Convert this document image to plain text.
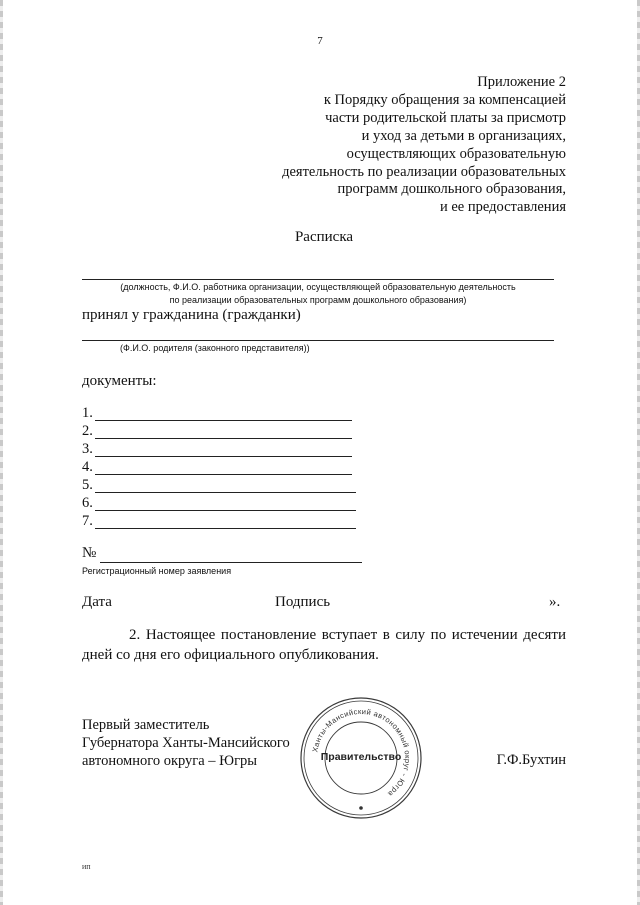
7
Приложение 2
к Порядку обращения за компенсацией
части родительской платы за присмотр
и уход за детьми в организациях,
осуществляющих образовательную
деятельность по реализации образовательных
программ дошкольного образования,
и ее предоставления
Расписка
(должность, Ф.И.О. работника организации, осуществляющей образовательную деятельность
по реализации образовательных программ дошкольного образования)
принял у гражданина (гражданки)
(Ф.И.О. родителя (законного представителя))
документы:
1.
2.
3.
4.
5.
6.
7.
№
Регистрационный номер заявления
Дата	Подпись	».
2. Настоящее постановление вступает в силу по истечении десяти дней со дня его официального опубликования.
Первый заместитель
Губернатора Ханты-Мансийского
автономного округа – Югры
Ханты-Мансийский автономный округ - Югра
Правительство	Г.Ф.Бухтин
ип
